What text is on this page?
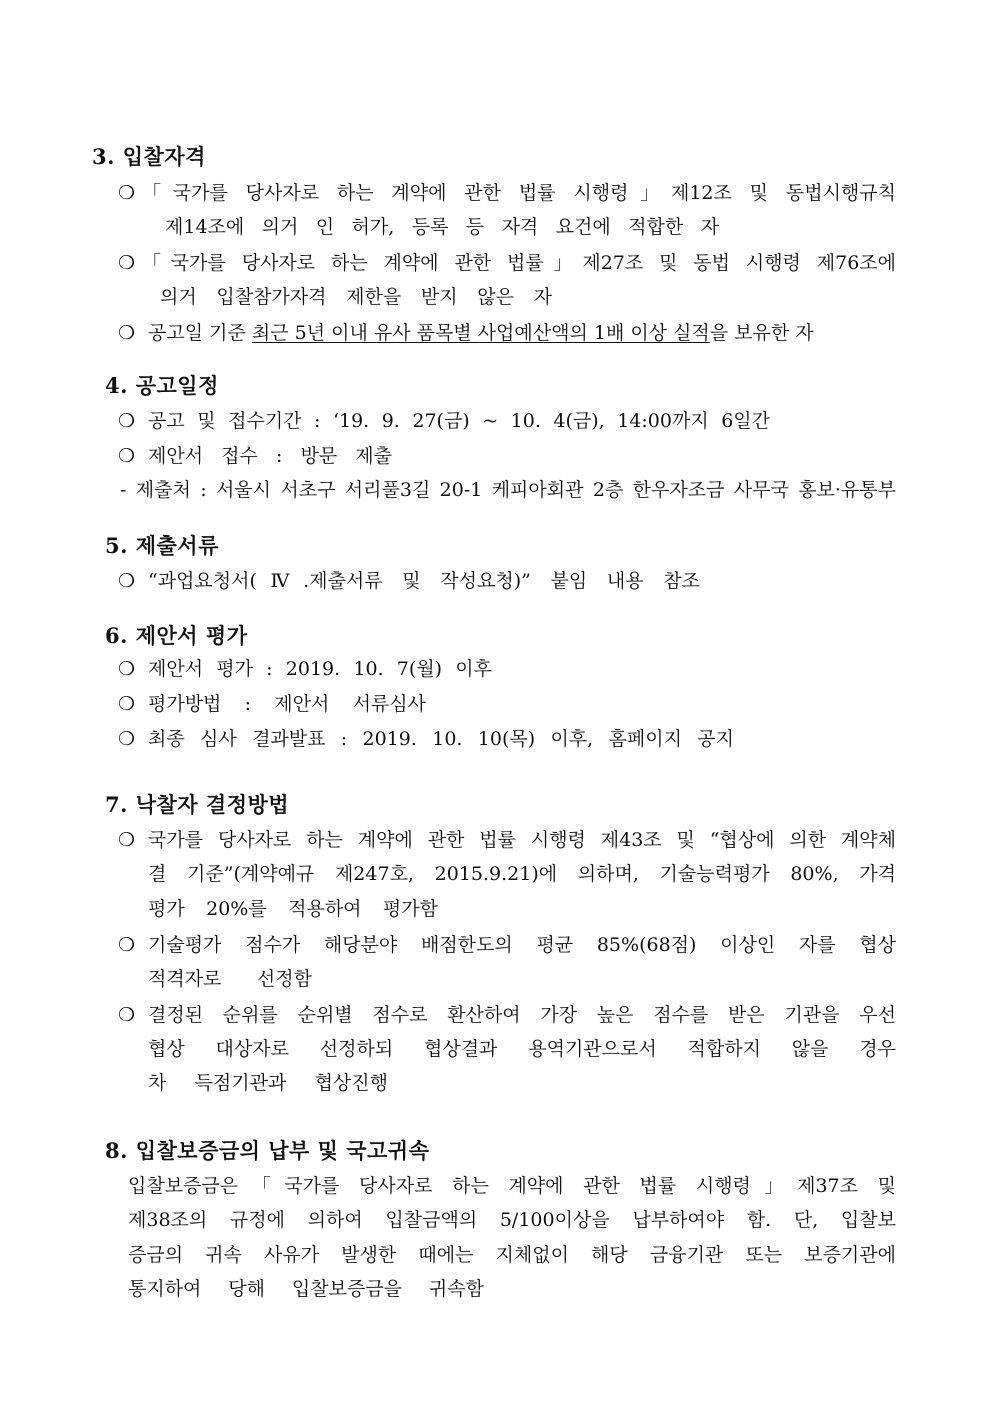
3. 입찰자격
❍ 「국가를 당사자로 하는 계약에 관한 법률 시행령」제12조 및 동법시행규칙
제14조에 의거 인 허가, 등록 등 자격 요건에 적합한 자
❍ 「국가를 당사자로 하는 계약에 관한 법률」제27조 및 동법 시행령 제76조에
의거 입찰참가자격 제한을 받지 않은 자
❍ 공고일 기준 최근 5년 이내 유사 품목별 사업예산액의 1배 이상 실적을 보유한 자
4. 공고일정
❍ 공고 및 접수기간 : ‘19. 9. 27(금) ~ 10. 4(금), 14:00까지 6일간
❍ 제안서 접수 : 방문 제출
- 제출처 : 서울시 서초구 서리풀3길 20-1 케피아회관 2층 한우자조금 사무국 홍보·유통부
5. 제출서류
❍ “과업요청서(Ⅳ.제출서류 및 작성요청)” 붙임 내용 참조
6. 제안서 평가
❍ 제안서 평가 : 2019. 10. 7(월) 이후
❍ 평가방법 : 제안서 서류심사
❍ 최종 심사 결과발표 : 2019. 10. 10(목) 이후, 홈페이지 공지
7. 낙찰자 결정방법
❍ 국가를 당사자로 하는 계약에 관한 법률 시행령 제43조 및 “협상에 의한 계약체
결 기준”(계약예규 제247호, 2015.9.21)에 의하며, 기술능력평가 80%, 가격
평가 20%를 적용하여 평가함
❍ 기술평가 점수가 해당분야 배점한도의 평균 85%(68점) 이상인 자를 협상
적격자로 선정함
❍ 결정된 순위를 순위별 점수로 환산하여 가장 높은 점수를 받은 기관을 우선
협상 대상자로 선정하되 협상결과 용역기관으로서 적합하지 않을 경우
차 득점기관과 협상진행
8. 입찰보증금의 납부 및 국고귀속
입찰보증금은「국가를 당사자로 하는 계약에 관한 법률 시행령」제37조 및
제38조의 규정에 의하여 입찰금액의 5/100이상을 납부하여야 함. 단, 입찰보
증금의 귀속 사유가 발생한 때에는 지체없이 해당 금융기관 또는 보증기관에
통지하여 당해 입찰보증금을 귀속함
